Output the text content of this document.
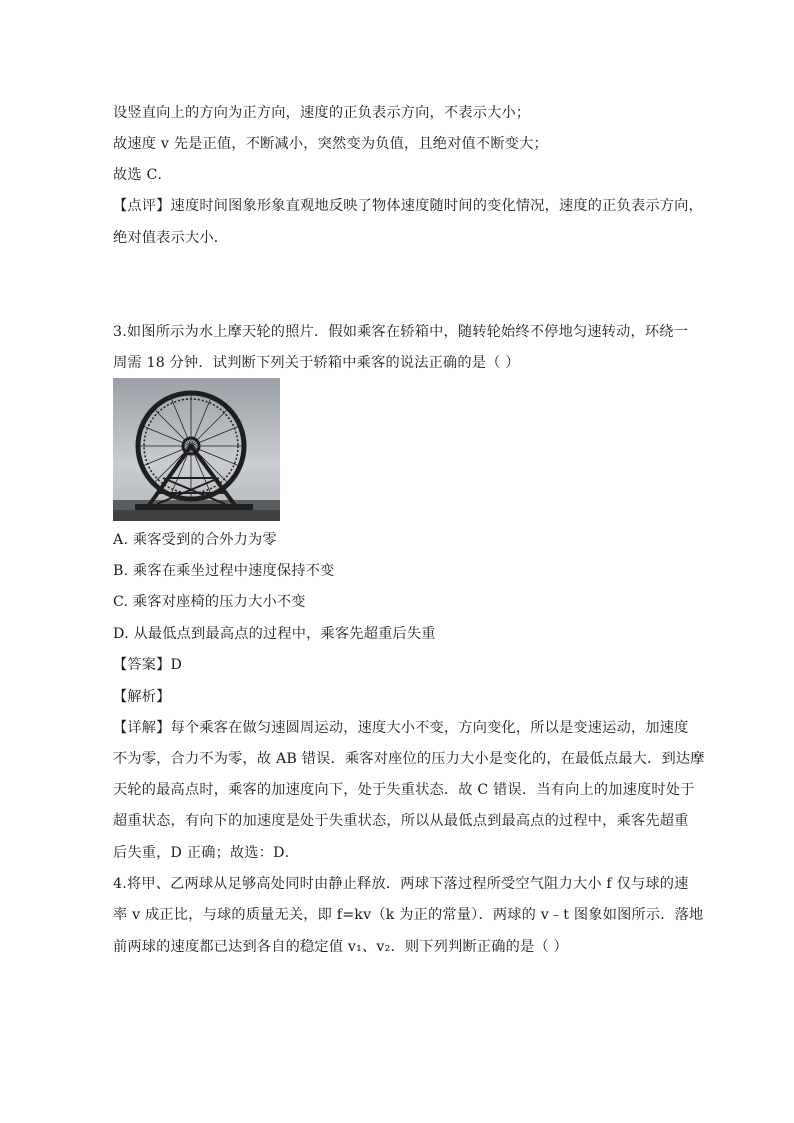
设竖直向上的方向为正方向，速度的正负表示方向，不表示大小；
故速度 v 先是正值，不断减小，突然变为负值，且绝对值不断变大；
故选 C．
【点评】速度时间图象形象直观地反映了物体速度随时间的变化情况，速度的正负表示方向，
绝对值表示大小．
3.如图所示为水上摩天轮的照片．假如乘客在轿箱中，随转轮始终不停地匀速转动，环绕一
周需 18 分钟．试判断下列关于轿箱中乘客的说法正确的是（ ）
A. 乘客受到的合外力为零
B. 乘客在乘坐过程中速度保持不变
C. 乘客对座椅的压力大小不变
D. 从最低点到最高点的过程中，乘客先超重后失重
【答案】D
【解析】
【详解】每个乘客在做匀速圆周运动，速度大小不变，方向变化，所以是变速运动，加速度
不为零，合力不为零，故 AB 错误．乘客对座位的压力大小是变化的，在最低点最大．到达摩
天轮的最高点时，乘客的加速度向下，处于失重状态．故 C 错误．当有向上的加速度时处于
超重状态，有向下的加速度是处于失重状态，所以从最低点到最高点的过程中，乘客先超重
后失重，D 正确；故选：D．
4.将甲、乙两球从足够高处同时由静止释放．两球下落过程所受空气阻力大小 f 仅与球的速
率 v 成正比，与球的质量无关，即 f=kv（k 为正的常量）．两球的 v﹣t 图象如图所示．落地
前两球的速度都已达到各自的稳定值 v₁、v₂．则下列判断正确的是（ ）
